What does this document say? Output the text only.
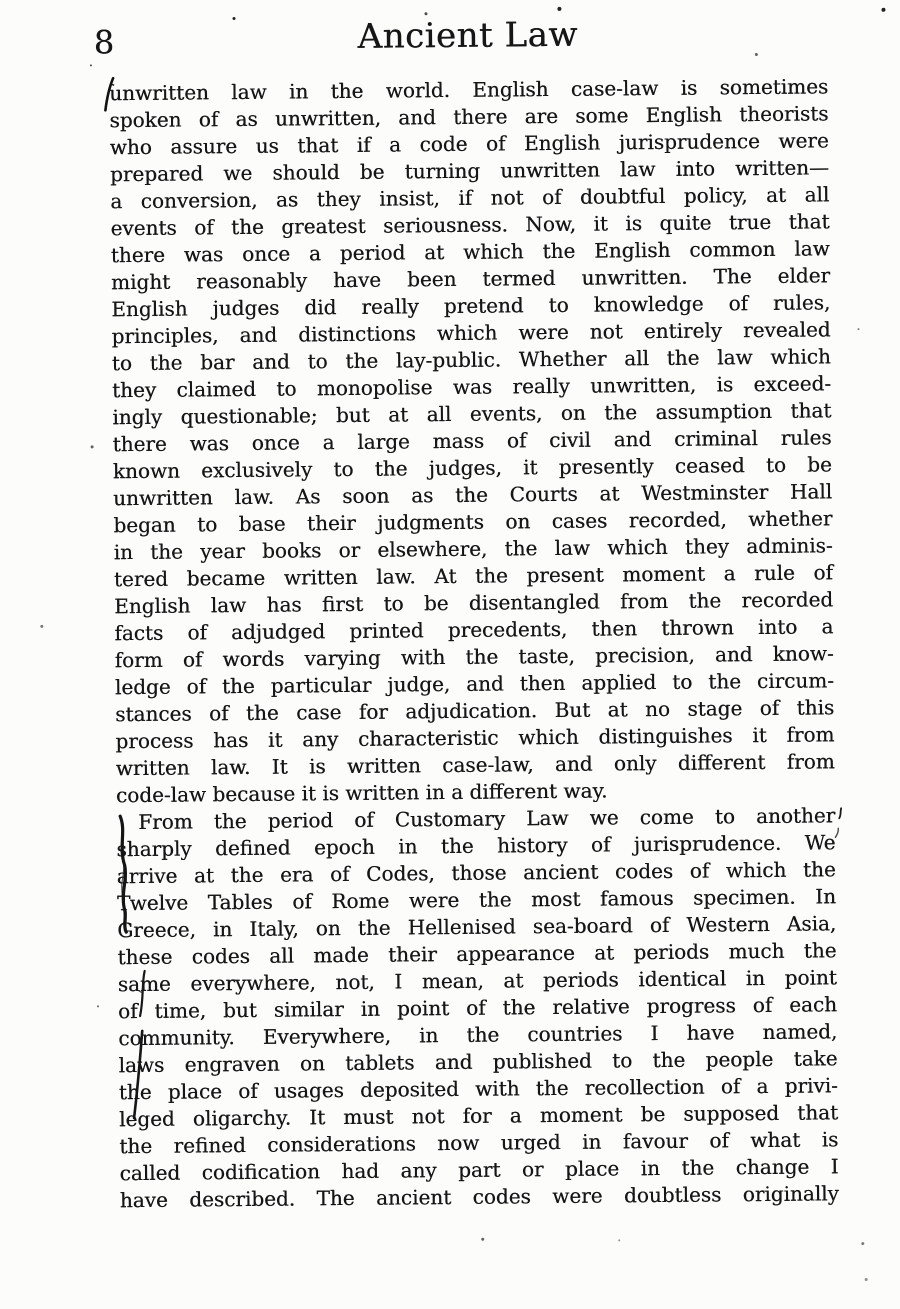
8	Ancient Law
unwritten law in the world. English case-law is sometimes
spoken of as unwritten, and there are some English theorists
who assure us that if a code of English jurisprudence were
prepared we should be turning unwritten law into written—
a conversion, as they insist, if not of doubtful policy, at all
events of the greatest seriousness. Now, it is quite true that
there was once a period at which the English common law
might reasonably have been termed unwritten. The elder
English judges did really pretend to knowledge of rules,
principles, and distinctions which were not entirely revealed
to the bar and to the lay-public. Whether all the law which
they claimed to monopolise was really unwritten, is exceed-
ingly questionable; but at all events, on the assumption that
there was once a large mass of civil and criminal rules
known exclusively to the judges, it presently ceased to be
unwritten law. As soon as the Courts at Westminster Hall
began to base their judgments on cases recorded, whether
in the year books or elsewhere, the law which they adminis-
tered became written law. At the present moment a rule of
English law has first to be disentangled from the recorded
facts of adjudged printed precedents, then thrown into a
form of words varying with the taste, precision, and know-
ledge of the particular judge, and then applied to the circum-
stances of the case for adjudication. But at no stage of this
process has it any characteristic which distinguishes it from
written law. It is written case-law, and only different from
code-law because it is written in a different way.
From the period of Customary Law we come to another
sharply defined epoch in the history of jurisprudence. We
arrive at the era of Codes, those ancient codes of which the
Twelve Tables of Rome were the most famous specimen. In
Greece, in Italy, on the Hellenised sea-board of Western Asia,
these codes all made their appearance at periods much the
same everywhere, not, I mean, at periods identical in point
of time, but similar in point of the relative progress of each
community. Everywhere, in the countries I have named,
laws engraven on tablets and published to the people take
the place of usages deposited with the recollection of a privi-
leged oligarchy. It must not for a moment be supposed that
the refined considerations now urged in favour of what is
called codification had any part or place in the change I
have described. The ancient codes were doubtless originally
